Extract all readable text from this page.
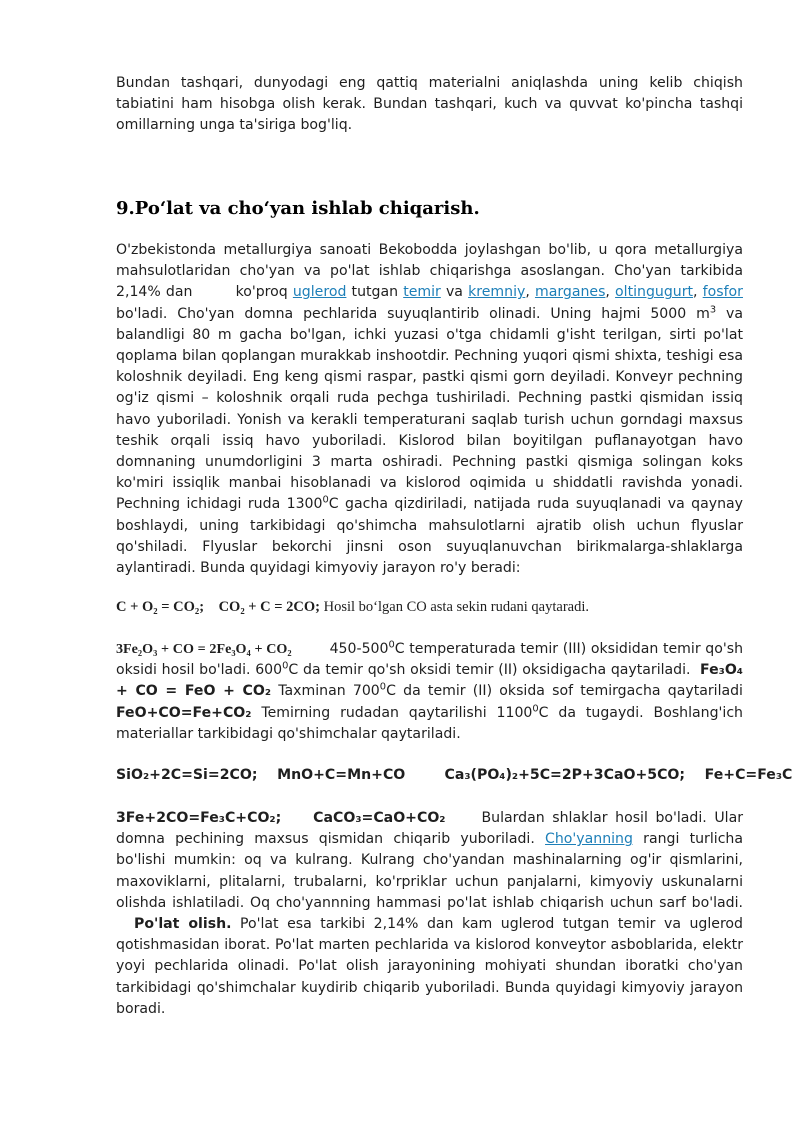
Bundan tashqari, dunyodagi eng qattiq materialni aniqlashda uning kelib chiqish tabiatini ham hisobga olish kerak. Bundan tashqari, kuch va quvvat ko'pincha tashqi omillarning unga ta'siriga bog'liq.

9.Po‘lat va cho‘yan ishlab chiqarish.

O'zbekistonda metallurgiya sanoati Bekobodda joylashgan bo'lib, u qora metallurgiya mahsulotlaridan cho'yan va po'lat ishlab chiqarishga asoslangan. Cho'yan tarkibida 2,14% dan	ko'proq uglerod tutgan temir va kremniy, marganes, oltingugurt, fosfor bo'ladi. Cho'yan domna pechlarida suyuqlantirib olinadi. Uning hajmi 5000 $m^3$ va balandligi 80 m gacha bo'lgan, ichki yuzasi o'tga chidamli g'isht terilgan, sirti po'lat qoplama bilan qoplangan murakkab inshootdir. Pechning yuqori qismi shixta, teshigi esa koloshnik deyiladi. Eng keng qismi raspar, pastki qismi gorn deyiladi. Konveyr pechning og'iz qismi – koloshnik orqali ruda pechga tushiriladi. Pechning pastki qismidan issiq havo yuboriladi. Yonish va kerakli temperaturani saqlab turish uchun gorndagi maxsus teshik orqali issiq havo yuboriladi. Kislorod bilan boyitilgan puflanayotgan havo domnaning unumdorligini 3 marta oshiradi. Pechning pastki qismiga solingan koks ko'miri issiqlik manbai hisoblanadi va kislorod oqimida u shiddatli ravishda yonadi. Pechning ichidagi ruda 1300$^0$C gacha qizdiriladi, natijada ruda suyuqlanadi va qaynay boshlaydi, uning tarkibidagi qo'shimcha mahsulotlarni ajratib olish uchun flyuslar qo'shiladi. Flyuslar bekorchi jinsni oson suyuqlanuvchan birikmalarga-shlaklarga aylantiradi. Bunda quyidagi kimyoviy jarayon ro'y beradi:

C + O₂ = CO₂; CO₂ + C = 2CO; Hosil bo‘lgan CO asta sekin rudani qaytaradi.

3Fe₂O₃ + CO = 2Fe₃O₄ + CO₂	$450-500^0C$ temperaturada temir (III) oksididan temir qo'sh oksidi hosil bo'ladi. $600^0C$ da temir qo'sh oksidi temir (II) oksidigacha qaytariladi. Fe₃O₄ + CO = FeO + CO₂ Taxminan $700^0C$ da temir (II) oksida sof temirgacha qaytariladi FeO+CO=Fe+CO₂ Temirning rudadan qaytarilishi 1100$^0$C da tugaydi. Boshlang'ich materiallar tarkibidagi qo'shimchalar qaytariladi.

SiO₂+2C=Si=2CO;    MnO+C=Mn+CO        Ca₃(PO₄)₂+5C=2P+3CaO+5CO;    Fe+C=Fe₃C

3Fe+2CO=Fe₃C+CO₂;    CaCO₃=CaO+CO₂	Bulardan shlaklar hosil bo'ladi. Ular domna pechining maxsus qismidan chiqarib yuboriladi. Cho'yanning rangi turlicha bo'lishi mumkin: oq va kulrang. Kulrang cho'yandan mashinalarning og'ir qismlarini, maxoviklarni, plitalarni, trubalarni, ko'rpriklar uchun panjalarni, kimyoviy uskunalarni olishda ishlatiladi. Oq cho'yannning hammasi po'lat ishlab chiqarish uchun sarf bo'ladi.Po'lat olish. Po'lat esa tarkibi 2,14% dan kam uglerod tutgan temir va uglerod qotishmasidan iborat. Po'lat marten pechlarida va kislorod konveytor asboblarida, elektr yoyi pechlarida olinadi. Po'lat olish jarayonining mohiyati shundan iboratki cho'yan tarkibidagi qo'shimchalar kuydirib chiqarib yuboriladi. Bunda quyidagi kimyoviy jarayon boradi.
